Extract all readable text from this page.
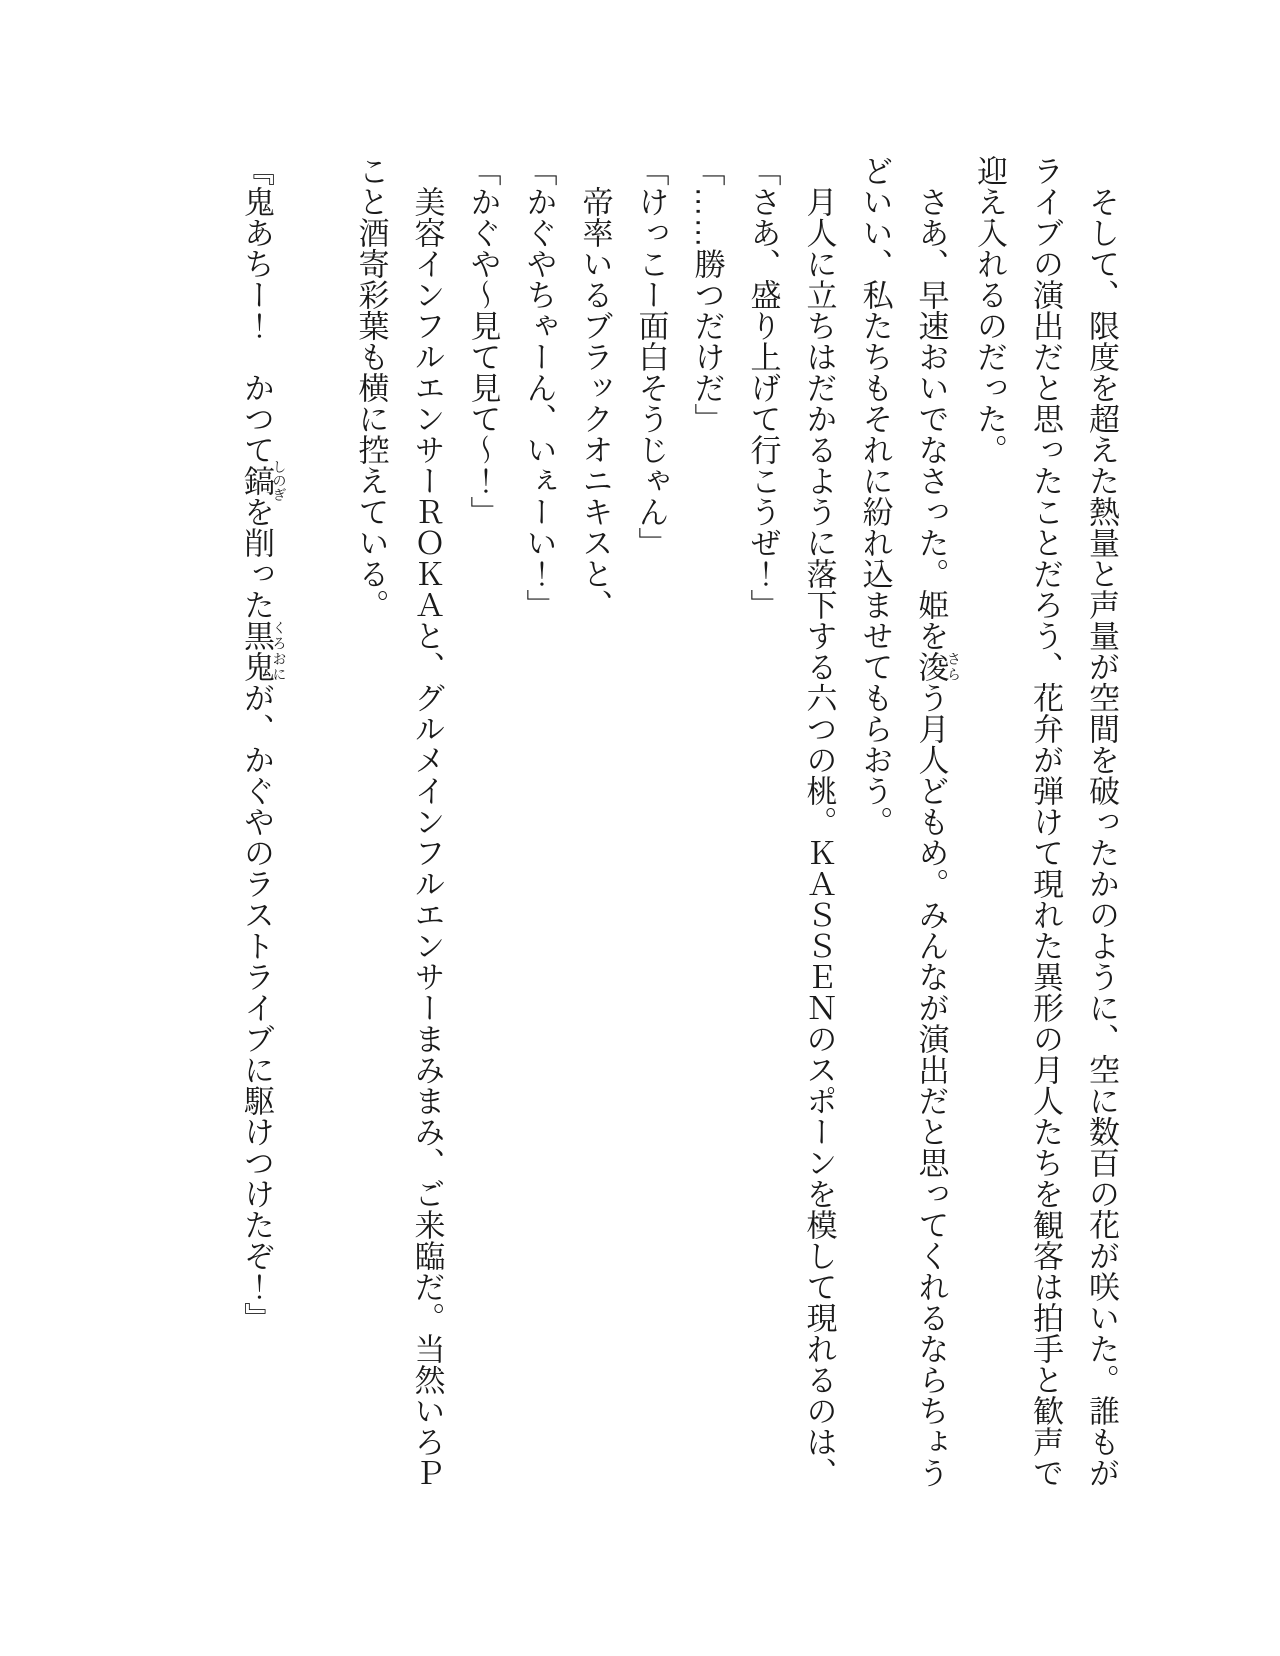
そして、限度を超えた熱量と声量が空間を破ったかのように、空に数百の花が咲いた。誰もがライブの演出だと思ったことだろう、花弁が弾けて現れた異形の月人たちを観客は拍手と歓声で迎え入れるのだった。

さあ、早速おいでなさった。姫を浚さらう月人どもめ。みんなが演出だと思ってくれるならちょうどいい、私たちもそれに紛れ込ませてもらおう。

月人に立ちはだかるように落下する六つの桃。ＫＡＳＳＥＮのスポーンを模して現れるのは、

「さあ、盛り上げて行こうぜ！」

「……勝つだけだ」

「けっこー面白そうじゃん」

帝率いるブラックオニキスと、

「かぐやちゃーん、いぇーい！」

「かぐや～見て見て～！」

美容インフルエンサーＲＯＫＡと、グルメインフルエンサーまみまみ、ご来臨だ。当然いろＰこと酒寄彩葉も横に控えている。

『鬼あちー！　かつて鎬しのぎを削った黒鬼くろおにが、かぐやのラストライブに駆けつけたぞ！』
